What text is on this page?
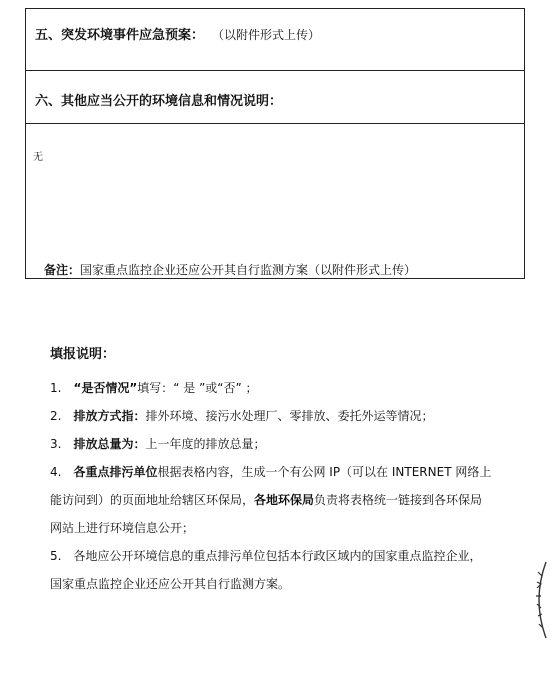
五、突发环境事件应急预案： （以附件形式上传）
六、其他应当公开的环境信息和情况说明：
无
备注：国家重点监控企业还应公开其自行监测方案（以附件形式上传）

填报说明：

1. “是否情况”填写：“ 是 ”或“否” ；

2. 排放方式指：排外环境、接污水处理厂、零排放、委托外运等情况；

3. 排放总量为：上一年度的排放总量；

4. 各重点排污单位根据表格内容，生成一个有公网 IP（可以在 INTERNET 网络上
能访问到）的页面地址给辖区环保局，各地环保局负责将表格统一链接到各环保局
网站上进行环境信息公开；

5. 各地应公开环境信息的重点排污单位包括本行政区域内的国家重点监控企业，
国家重点监控企业还应公开其自行监测方案。
